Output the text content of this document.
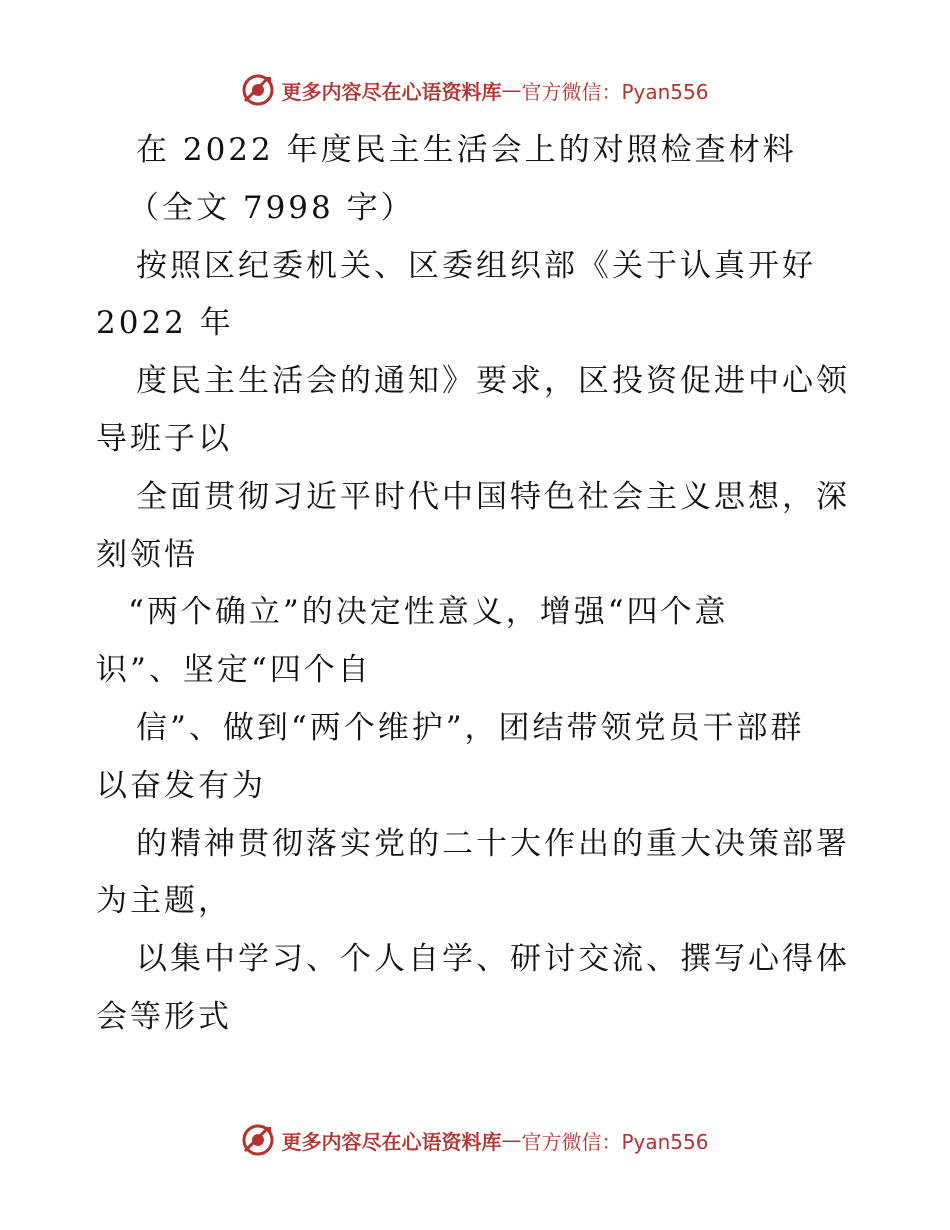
更多内容尽在心语资料库 — 官方微信：Pyan556
在 2022 年度民主生活会上的对照检查材料
（全文 7998 字）
按照区纪委机关、区委组织部《关于认真开好
2022 年
度民主生活会的通知》要求，区投资促进中心领
导班子以
全面贯彻习近平时代中国特色社会主义思想，深
刻领悟
“两个确立”的决定性意义，增强“四个意
识”、坚定“四个自
信”、做到“两个维护”，团结带领党员干部群
以奋发有为
的精神贯彻落实党的二十大作出的重大决策部署
为主题，
以集中学习、个人自学、研讨交流、撰写心得体
会等形式
更多内容尽在心语资料库 — 官方微信：Pyan556
